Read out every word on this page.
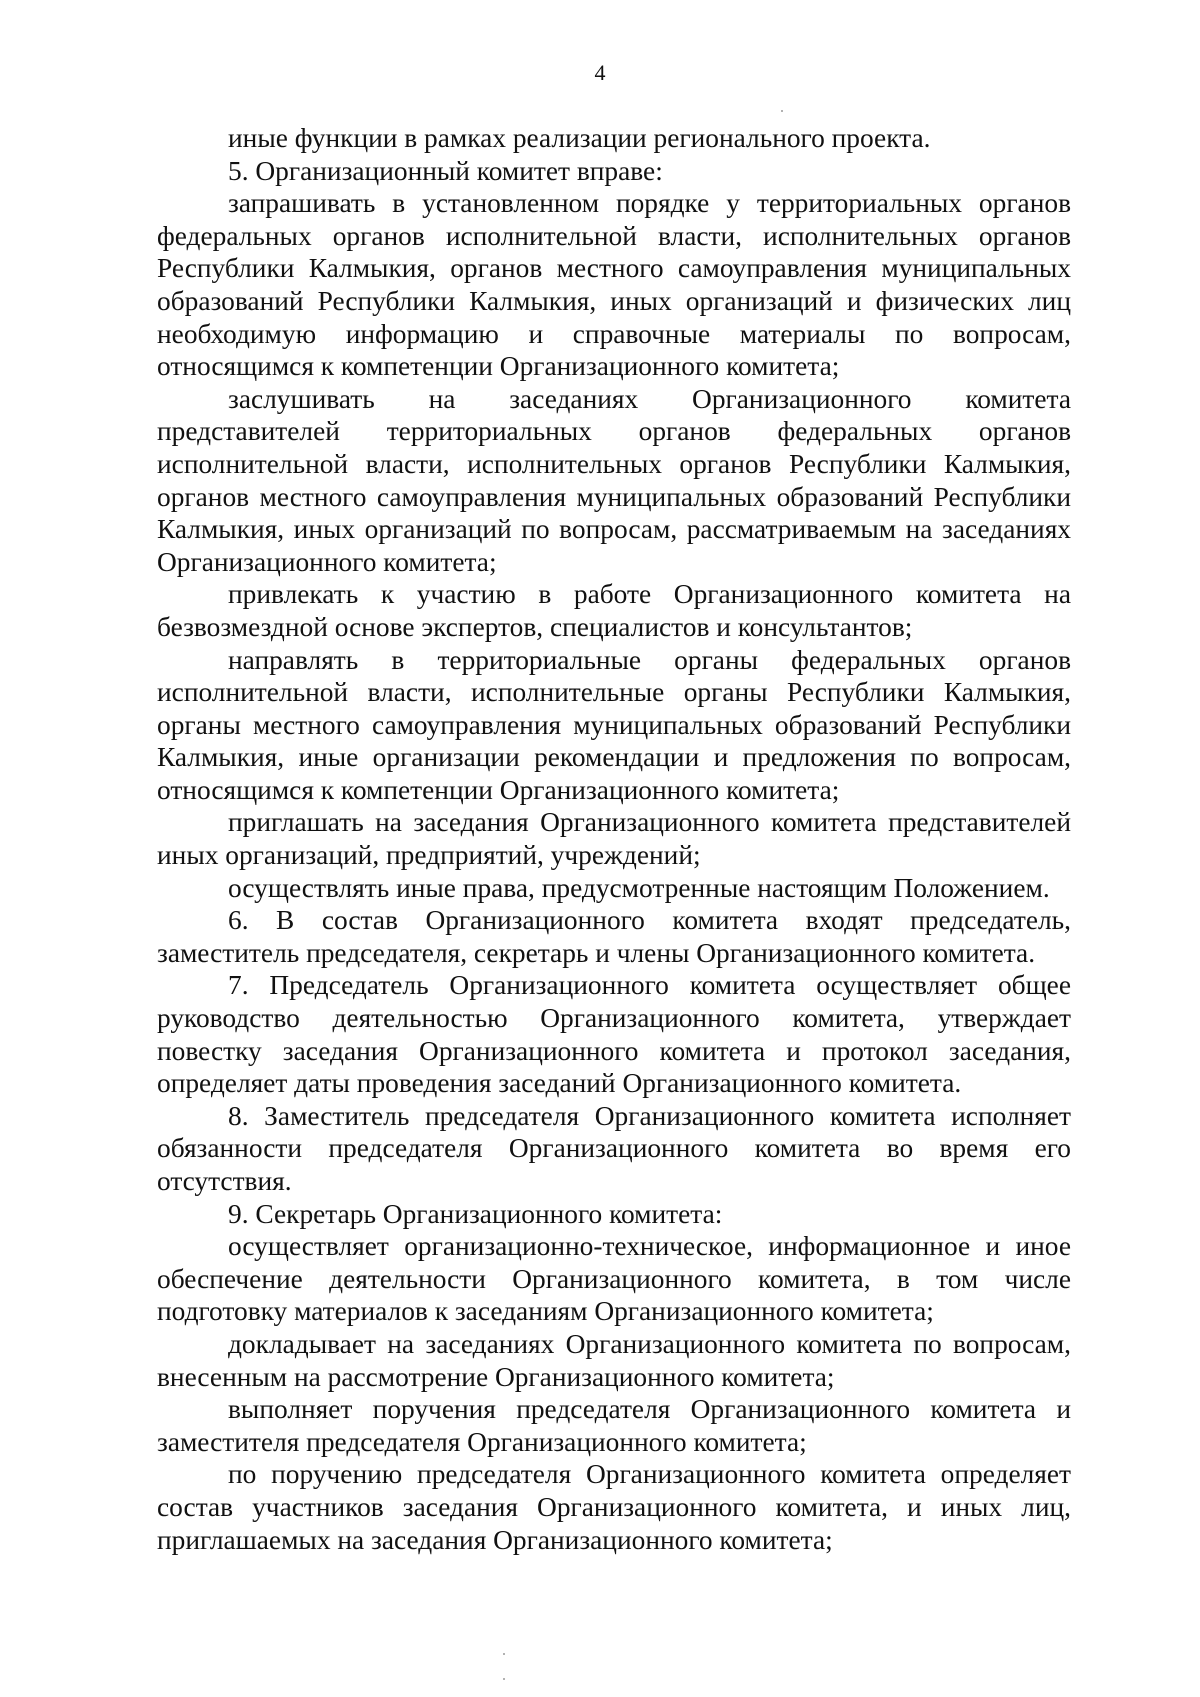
4

иные функции в рамках реализации регионального проекта.

5. Организационный комитет вправе:

запрашивать в установленном порядке у территориальных органов федеральных органов исполнительной власти, исполнительных органов Республики Калмыкия, органов местного самоуправления муниципальных образований Республики Калмыкия, иных организаций и физических лиц необходимую информацию и справочные материалы по вопросам, относящимся к компетенции Организационного комитета;

заслушивать на заседаниях Организационного комитета представителей территориальных органов федеральных органов исполнительной власти, исполнительных органов Республики Калмыкия, органов местного самоуправления муниципальных образований Республики Калмыкия, иных организаций по вопросам, рассматриваемым на заседаниях Организационного комитета;

привлекать к участию в работе Организационного комитета на безвозмездной основе экспертов, специалистов и консультантов;

направлять в территориальные органы федеральных органов исполнительной власти, исполнительные органы Республики Калмыкия, органы местного самоуправления муниципальных образований Республики Калмыкия, иные организации рекомендации и предложения по вопросам, относящимся к компетенции Организационного комитета;

приглашать на заседания Организационного комитета представителей иных организаций, предприятий, учреждений;

осуществлять иные права, предусмотренные настоящим Положением.

6. В состав Организационного комитета входят председатель, заместитель председателя, секретарь и члены Организационного комитета.

7. Председатель Организационного комитета осуществляет общее руководство деятельностью Организационного комитета, утверждает повестку заседания Организационного комитета и протокол заседания, определяет даты проведения заседаний Организационного комитета.

8. Заместитель председателя Организационного комитета исполняет обязанности председателя Организационного комитета во время его отсутствия.

9. Секретарь Организационного комитета:

осуществляет организационно-техническое, информационное и иное обеспечение деятельности Организационного комитета, в том числе подготовку материалов к заседаниям Организационного комитета;

докладывает на заседаниях Организационного комитета по вопросам, внесенным на рассмотрение Организационного комитета;

выполняет поручения председателя Организационного комитета и заместителя председателя Организационного комитета;

по поручению председателя Организационного комитета определяет состав участников заседания Организационного комитета, и иных лиц, приглашаемых на заседания Организационного комитета;
